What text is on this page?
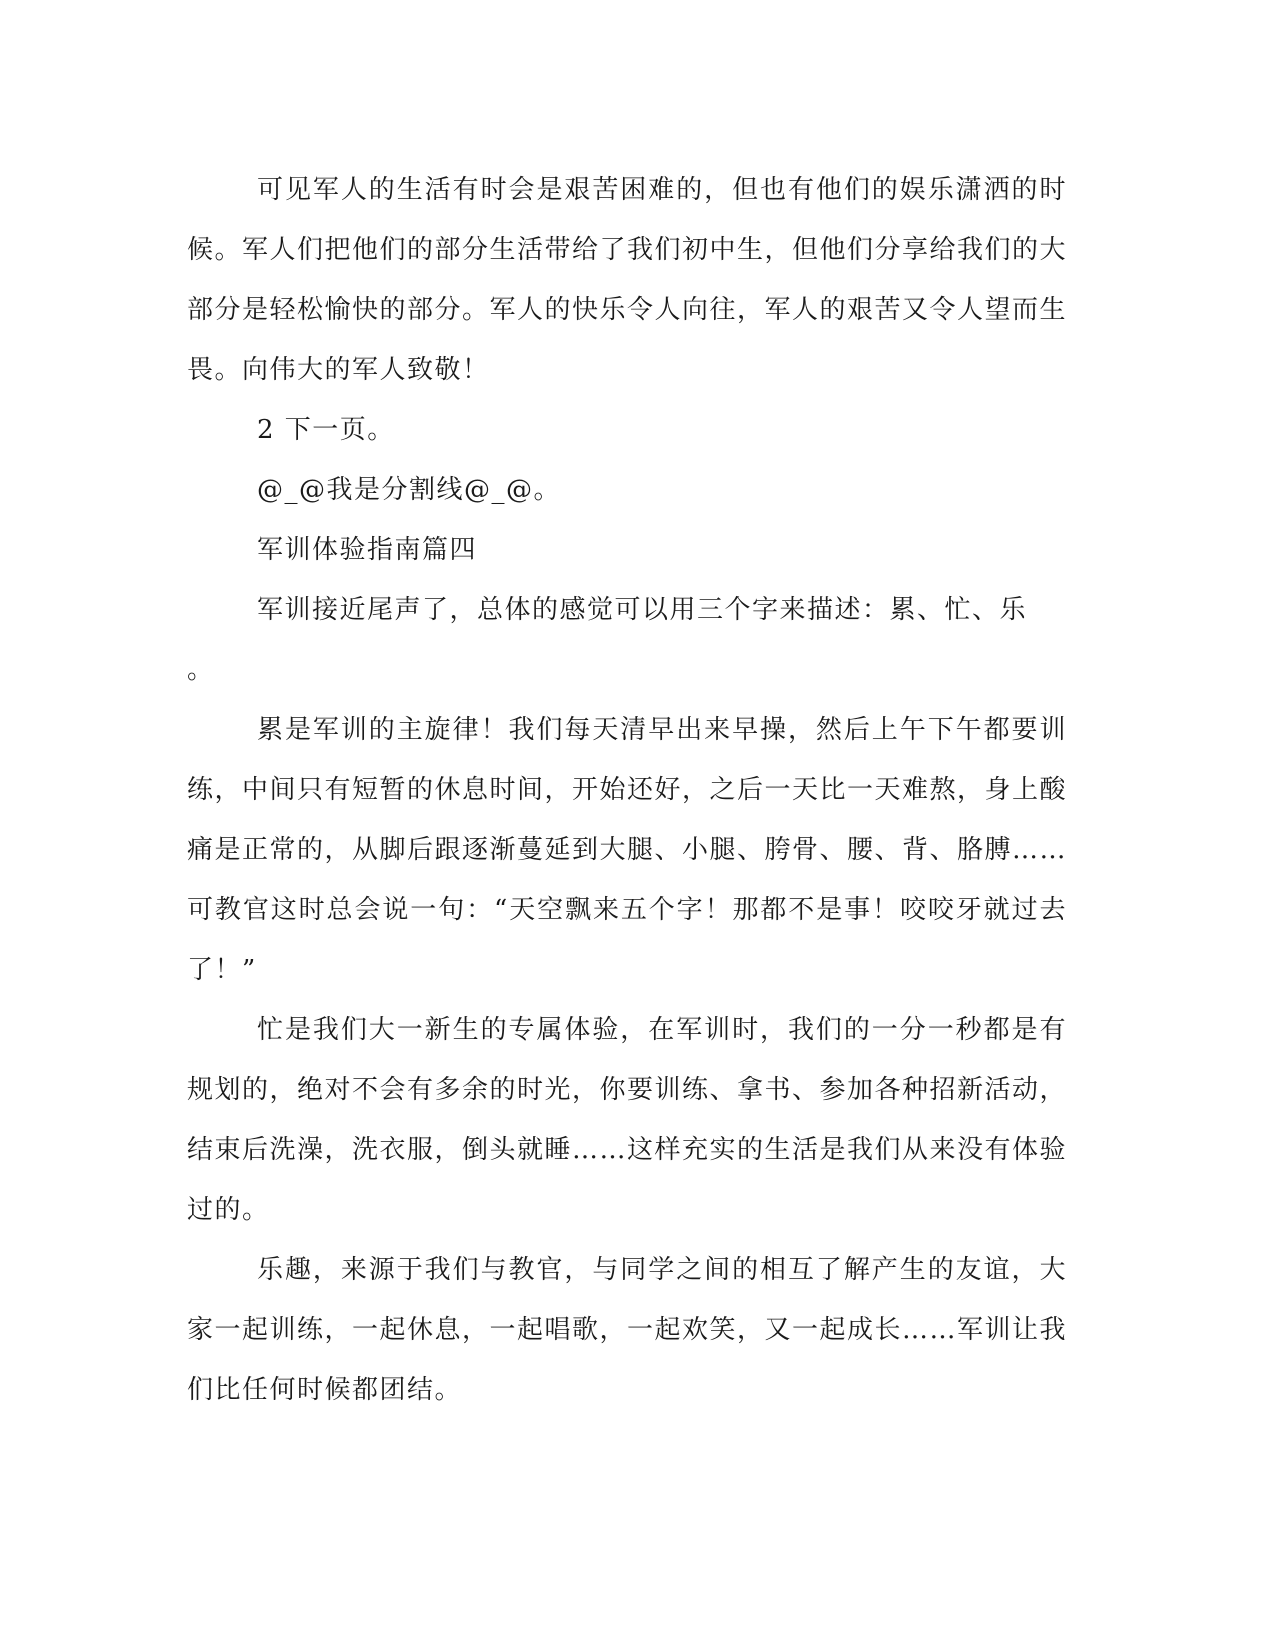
可见军人的生活有时会是艰苦困难的，但也有他们的娱乐潇洒的时候。军人们把他们的部分生活带给了我们初中生，但他们分享给我们的大部分是轻松愉快的部分。军人的快乐令人向往，军人的艰苦又令人望而生畏。向伟大的军人致敬！

2 下一页。

@_@我是分割线@_@。

军训体验指南篇四

军训接近尾声了，总体的感觉可以用三个字来描述：累、忙、乐

。

累是军训的主旋律！我们每天清早出来早操，然后上午下午都要训练，中间只有短暂的休息时间，开始还好，之后一天比一天难熬，身上酸痛是正常的，从脚后跟逐渐蔓延到大腿、小腿、胯骨、腰、背、胳膊……可教官这时总会说一句：“天空飘来五个字！那都不是事！咬咬牙就过去了！”

忙是我们大一新生的专属体验，在军训时，我们的一分一秒都是有规划的，绝对不会有多余的时光，你要训练、拿书、参加各种招新活动，结束后洗澡，洗衣服，倒头就睡……这样充实的生活是我们从来没有体验过的。

乐趣，来源于我们与教官，与同学之间的相互了解产生的友谊，大家一起训练，一起休息，一起唱歌，一起欢笑，又一起成长……军训让我们比任何时候都团结。
